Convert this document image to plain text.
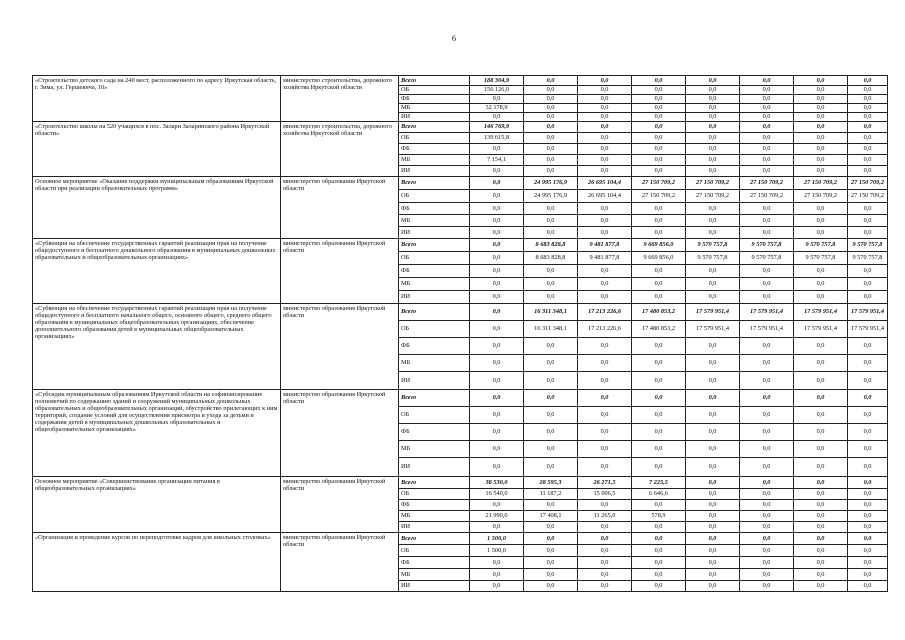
6
«Строительство детского сада на 240 мест, расположенного по адресу Иркутская область, г. Зима, ул. Гершевича, 10»	министерство строительства, дорожного хозяйства Иркутской области	Всего	188 304,9	0,0	0,0	0,0	0,0	0,0	0,0	0,0
		ОБ	156 126,0	0,0	0,0	0,0	0,0	0,0	0,0	0,0
		ФБ	0,0	0,0	0,0	0,0	0,0	0,0	0,0	0,0
		МБ	32 178,9	0,0	0,0	0,0	0,0	0,0	0,0	0,0
		ИИ	0,0	0,0	0,0	0,0	0,0	0,0	0,0	0,0
«Строительство школы на 520 учащихся в пос. Залари Заларинского района Иркутской области»	министерство строительства, дорожного хозяйства Иркутской области	Всего	146 769,9	0,0	0,0	0,0	0,0	0,0	0,0	0,0
		ОБ	139 615,8	0,0	0,0	0,0	0,0	0,0	0,0	0,0
		ФБ	0,0	0,0	0,0	0,0	0,0	0,0	0,0	0,0
		МБ	7 154,1	0,0	0,0	0,0	0,0	0,0	0,0	0,0
		ИИ	0,0	0,0	0,0	0,0	0,0	0,0	0,0	0,0
Основное мероприятие «Оказание поддержки муниципальным образованиям Иркутской области при реализации образовательных программ»	министерство образования Иркутской области	Всего	0,0	24 995 176,9	26 695 104,4	27 150 709,2	27 150 709,2	27 150 709,2	27 150 709,2	27 150 709,2
		ОБ	0,0	24 995 176,9	26 695 104,4	27 150 709,2	27 150 709,2	27 150 709,2	27 150 709,2	27 150 709,2
		ФБ	0,0	0,0	0,0	0,0	0,0	0,0	0,0	0,0
		МБ	0,0	0,0	0,0	0,0	0,0	0,0	0,0	0,0
		ИИ	0,0	0,0	0,0	0,0	0,0	0,0	0,0	0,0
«Субвенция на обеспечение государственных гарантий реализации прав на получение общедоступного и бесплатного дошкольного образования в муниципальных дошкольных образовательных и общеобразовательных организациях»	министерство образования Иркутской области	Всего	0,0	8 683 828,8	9 481 877,8	9 669 856,0	9 570 757,8	9 570 757,8	9 570 757,8	9 570 757,8
		ОБ	0,0	8 683 828,8	9 481 877,8	9 669 856,0	9 570 757,8	9 570 757,8	9 570 757,8	9 570 757,8
		ФБ	0,0	0,0	0,0	0,0	0,0	0,0	0,0	0,0
		МБ	0,0	0,0	0,0	0,0	0,0	0,0	0,0	0,0
		ИИ	0,0	0,0	0,0	0,0	0,0	0,0	0,0	0,0
«Субвенция на обеспечение государственных гарантий реализации прав на получение общедоступного и бесплатного начального общего, основного общего, среднего общего образования в муниципальных общеобразовательных организациях, обеспечение дополнительного образования детей в муниципальных общеобразовательных организациях»	министерство образования Иркутской области	Всего	0,0	16 311 348,1	17 213 226,6	17 480 853,2	17 579 951,4	17 579 951,4	17 579 951,4	17 579 951,4
		ОБ	0,0	16 311 348,1	17 213 226,6	17 480 853,2	17 579 951,4	17 579 951,4	17 579 951,4	17 579 951,4
		ФБ	0,0	0,0	0,0	0,0	0,0	0,0	0,0	0,0
		МБ	0,0	0,0	0,0	0,0	0,0	0,0	0,0	0,0
		ИИ	0,0	0,0	0,0	0,0	0,0	0,0	0,0	0,0
«Субсидии муниципальным образованиям Иркутской области на софинансирование полномочий по содержанию зданий и сооружений муниципальных дошкольных образовательных и общеобразовательных организаций, обустройство прилегающих к ним территорий, создание условий для осуществления присмотра и ухода за детьми и содержания детей в муниципальных дошкольных образовательных и общеобразовательных организациях»	министерство образования Иркутской области	Всего	0,0	0,0	0,0	0,0	0,0	0,0	0,0	0,0
		ОБ	0,0	0,0	0,0	0,0	0,0	0,0	0,0	0,0
		ФБ	0,0	0,0	0,0	0,0	0,0	0,0	0,0	0,0
		МБ	0,0	0,0	0,0	0,0	0,0	0,0	0,0	0,0
		ИИ	0,0	0,0	0,0	0,0	0,0	0,0	0,0	0,0
Основное мероприятие «Совершенствование организации питания в общеобразовательных организациях»	министерство образования Иркутской области	Всего	38 530,0	28 595,3	26 271,5	7 225,5	0,0	0,0	0,0	0,0
		ОБ	16 540,0	11 187,2	15 006,5	6 646,6	0,0	0,0	0,0	0,0
		ФБ	0,0	0,0	0,0	0,0	0,0	0,0	0,0	0,0
		МБ	21 990,0	17 408,1	11 265,0	578,9	0,0	0,0	0,0	0,0
		ИИ	0,0	0,0	0,0	0,0	0,0	0,0	0,0	0,0
«Организация и проведение курсов по переподготовке кадров для школьных столовых»	министерство образования Иркутской области	Всего	1 500,0	0,0	0,0	0,0	0,0	0,0	0,0	0,0
		ОБ	1 500,0	0,0	0,0	0,0	0,0	0,0	0,0	0,0
		ФБ	0,0	0,0	0,0	0,0	0,0	0,0	0,0	0,0
		МБ	0,0	0,0	0,0	0,0	0,0	0,0	0,0	0,0
		ИИ	0,0	0,0	0,0	0,0	0,0	0,0	0,0	0,0
